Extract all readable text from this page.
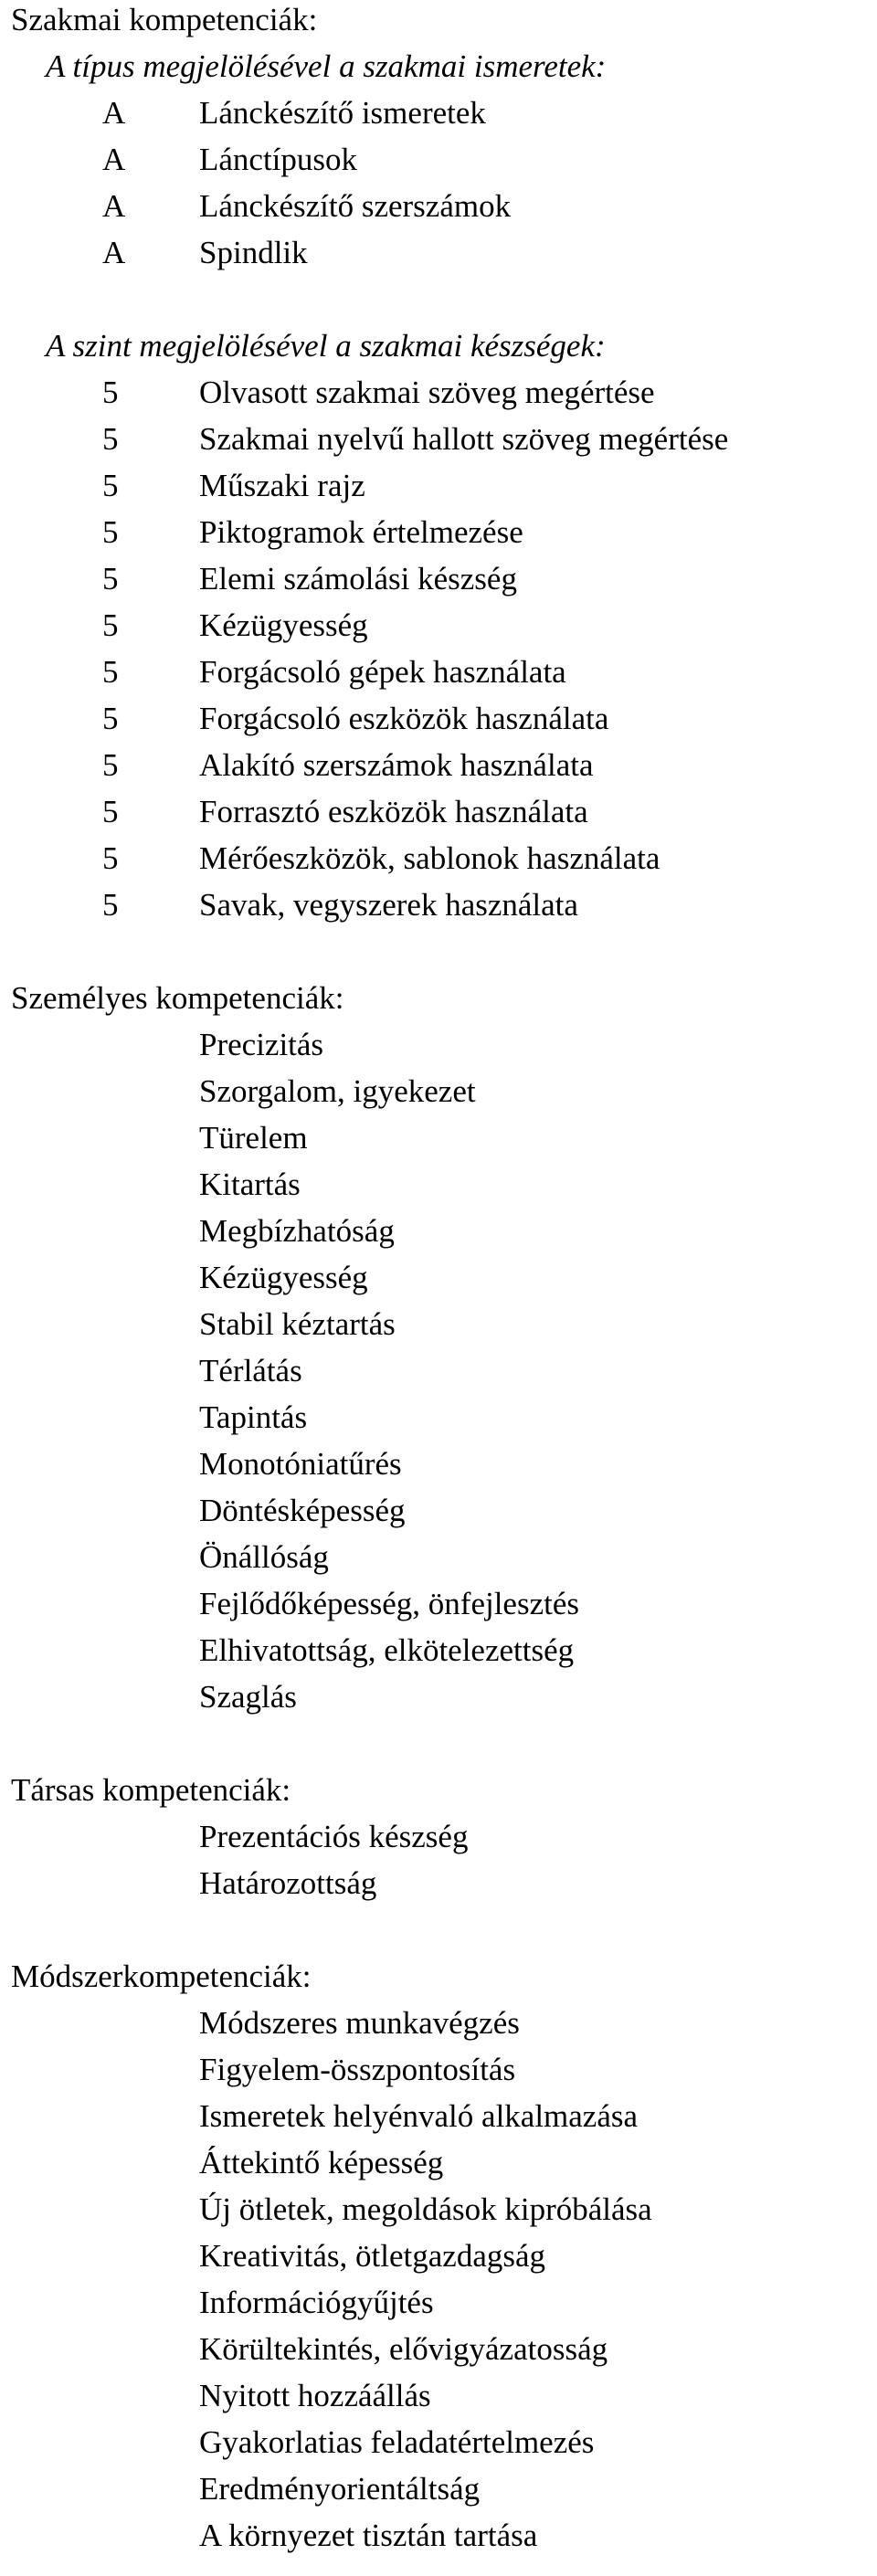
Szakmai kompetenciák:
A típus megjelölésével a szakmai ismeretek:
A Lánckészítő ismeretek
A Lánctípusok
A Lánckészítő szerszámok
A Spindlik
A szint megjelölésével a szakmai készségek:
5	Olvasott szakmai szöveg megértése
5	Szakmai nyelvű hallott szöveg megértése
5	Műszaki rajz
5	Piktogramok értelmezése
5	Elemi számolási készség
5	Kézügyesség
5	Forgácsoló gépek használata
5	Forgácsoló eszközök használata
5	Alakító szerszámok használata
5	Forrasztó eszközök használata
5	Mérőeszközök, sablonok használata
5	Savak, vegyszerek használata
Személyes kompetenciák:
Precizitás
Szorgalom, igyekezet
Türelem
Kitartás
Megbízhatóság
Kézügyesség
Stabil kéztartás
Térlátás
Tapintás
Monotóniatűrés
Döntésképesség
Önállóság
Fejlődőképesség, önfejlesztés
Elhivatottság, elkötelezettség
Szaglás
Társas kompetenciák:
Prezentációs készség
Határozottság
Módszerkompetenciák:
Módszeres munkavégzés
Figyelem-összpontosítás
Ismeretek helyénvaló alkalmazása
Áttekintő képesség
Új ötletek, megoldások kipróbálása
Kreativitás, ötletgazdagság
Információgyűjtés
Körültekintés, elővigyázatosság
Nyitott hozzáállás
Gyakorlatias feladatértelmezés
Eredményorientáltság
A környezet tisztán tartása
